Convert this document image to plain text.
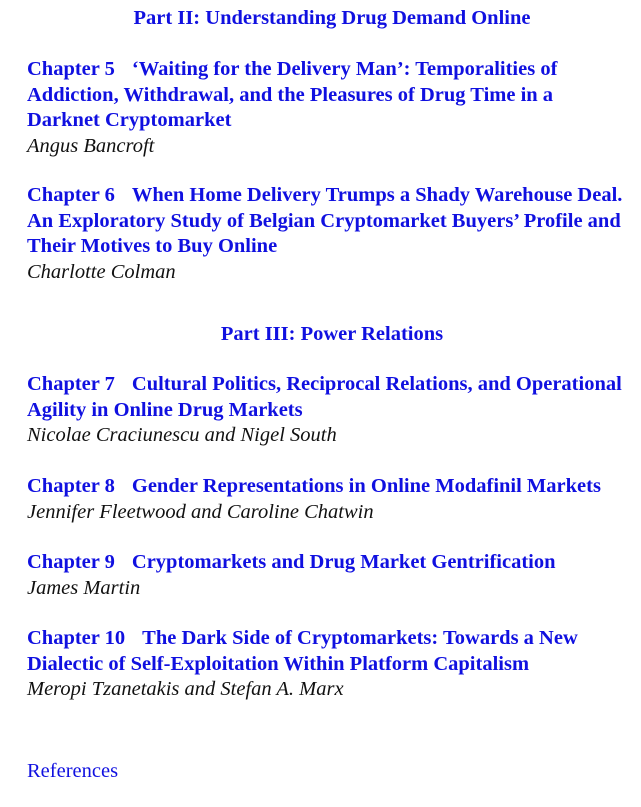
Part II: Understanding Drug Demand Online

Chapter 5 ‘Waiting for the Delivery Man’: Temporalities of Addiction, Withdrawal, and the Pleasures of Drug Time in a Darknet Cryptomarket

Angus Bancroft

Chapter 6 When Home Delivery Trumps a Shady Warehouse Deal. An Exploratory Study of Belgian Cryptomarket Buyers’ Profile and Their Motives to Buy Online

Charlotte Colman

Part III: Power Relations

Chapter 7 Cultural Politics, Reciprocal Relations, and Operational Agility in Online Drug Markets

Nicolae Craciunescu and Nigel South

Chapter 8 Gender Representations in Online Modafinil Markets

Jennifer Fleetwood and Caroline Chatwin

Chapter 9 Cryptomarkets and Drug Market Gentrification

James Martin

Chapter 10 The Dark Side of Cryptomarkets: Towards a New Dialectic of Self-Exploitation Within Platform Capitalism

Meropi Tzanetakis and Stefan A. Marx

References
